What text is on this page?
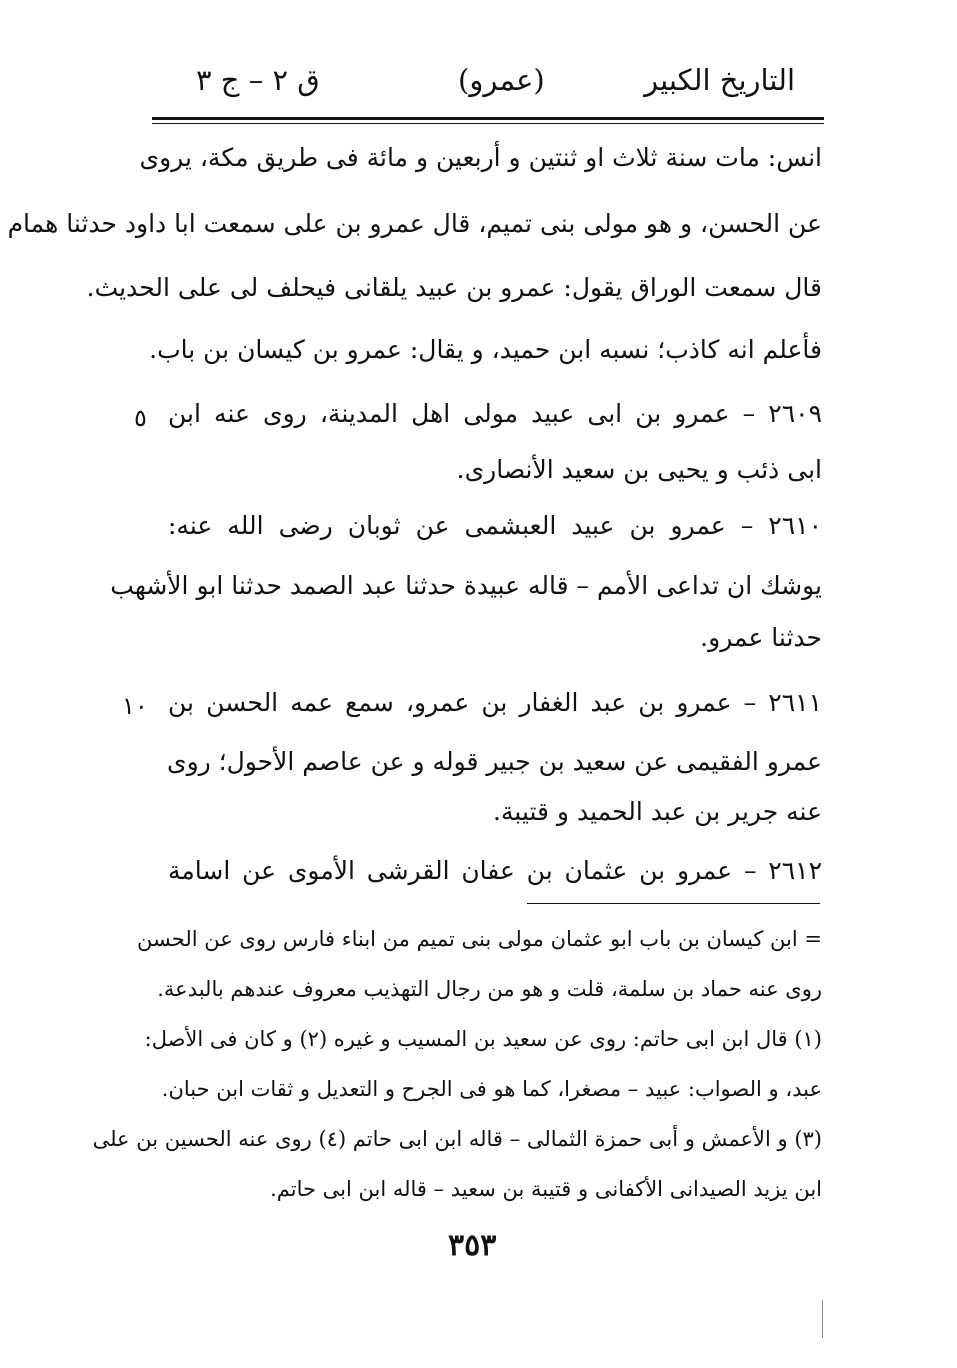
التاريخ الكبير
(عمرو)
ق ٢ – ج ٣
انس: مات سنة ثلاث او ثنتين و أربعين و مائة فى طريق مكة، يروى
عن الحسن، و هو مولى بنى تميم، قال عمرو بن على سمعت ابا داود حدثنا همام
قال سمعت الوراق يقول: عمرو بن عبيد يلقانى فيحلف لى على الحديث.
فأعلم انه كاذب؛ نسبه ابن حميد، و يقال: عمرو بن كيسان بن باب.
٢٦٠٩ – عمرو بن ابى عبيد مولى اهل المدينة، روى عنه ابن
٥
ابى ذئب و يحيى بن سعيد الأنصارى.
٢٦١٠ – عمرو بن عبيد العبشمى عن ثوبان رضى الله عنه:
يوشك ان تداعى الأمم – قاله عبيدة حدثنا عبد الصمد حدثنا ابو الأشهب
حدثنا عمرو.
٢٦١١ – عمرو بن عبد الغفار بن عمرو، سمع عمه الحسن بن
١٠
عمرو الفقيمى عن سعيد بن جبير قوله و عن عاصم الأحول؛ روى
عنه جرير بن عبد الحميد و قتيبة.
٢٦١٢ – عمرو بن عثمان بن عفان القرشى الأموى عن اسامة
= ابن كيسان بن باب ابو عثمان مولى بنى تميم من ابناء فارس روى عن الحسن
روى عنه حماد بن سلمة، قلت و هو من رجال التهذيب معروف عندهم بالبدعة.
(١) قال ابن ابى حاتم: روى عن سعيد بن المسيب و غيره (٢) و كان فى الأصل:
عبد، و الصواب: عبيد – مصغرا، كما هو فى الجرح و التعديل و ثقات ابن حبان.
(٣) و الأعمش و أبى حمزة الثمالى – قاله ابن ابى حاتم (٤) روى عنه الحسين بن على
ابن يزيد الصيدانى الأكفانى و قتيبة بن سعيد – قاله ابن ابى حاتم.
٣٥٣
